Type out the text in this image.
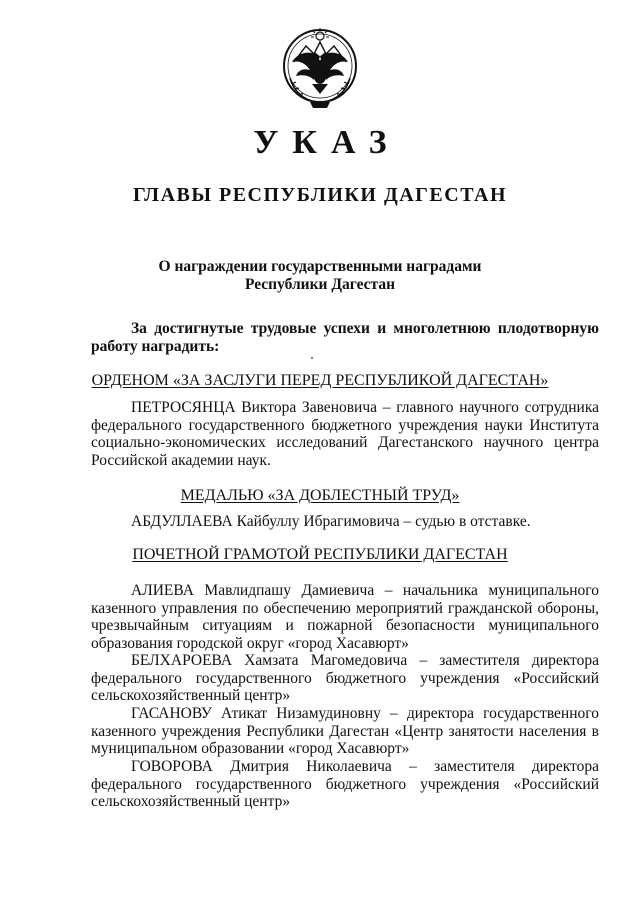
УКАЗ
ГЛАВЫ РЕСПУБЛИКИ ДАГЕСТАН
О награждении государственными наградами
Республики Дагестан
За достигнутые трудовые успехи и многолетнюю плодотворную работу наградить:
ОРДЕНОМ «ЗА ЗАСЛУГИ ПЕРЕД РЕСПУБЛИКОЙ ДАГЕСТАН»
ПЕТРОСЯНЦА Виктора Завеновича – главного научного сотрудника федерального государственного бюджетного учреждения науки Института социально-экономических исследований Дагестанского научного центра Российской академии наук.
МЕДАЛЬЮ «ЗА ДОБЛЕСТНЫЙ ТРУД»
АБДУЛЛАЕВА Кайбуллу Ибрагимовича – судью в отставке.
ПОЧЕТНОЙ ГРАМОТОЙ РЕСПУБЛИКИ ДАГЕСТАН
АЛИЕВА Мавлидпашу Дамиевича – начальника муниципального казенного управления по обеспечению мероприятий гражданской обороны, чрезвычайным ситуациям и пожарной безопасности муниципального образования городской округ «город Хасавюрт»
БЕЛХАРОЕВА Хамзата Магомедовича – заместителя директора федерального государственного бюджетного учреждения «Российский сельскохозяйственный центр»
ГАСАНОВУ Атикат Низамудиновну – директора государственного казенного учреждения Республики Дагестан «Центр занятости населения в муниципальном образовании «город Хасавюрт»
ГОВОРОВА Дмитрия Николаевича – заместителя директора федерального государственного бюджетного учреждения «Российский сельскохозяйственный центр»
